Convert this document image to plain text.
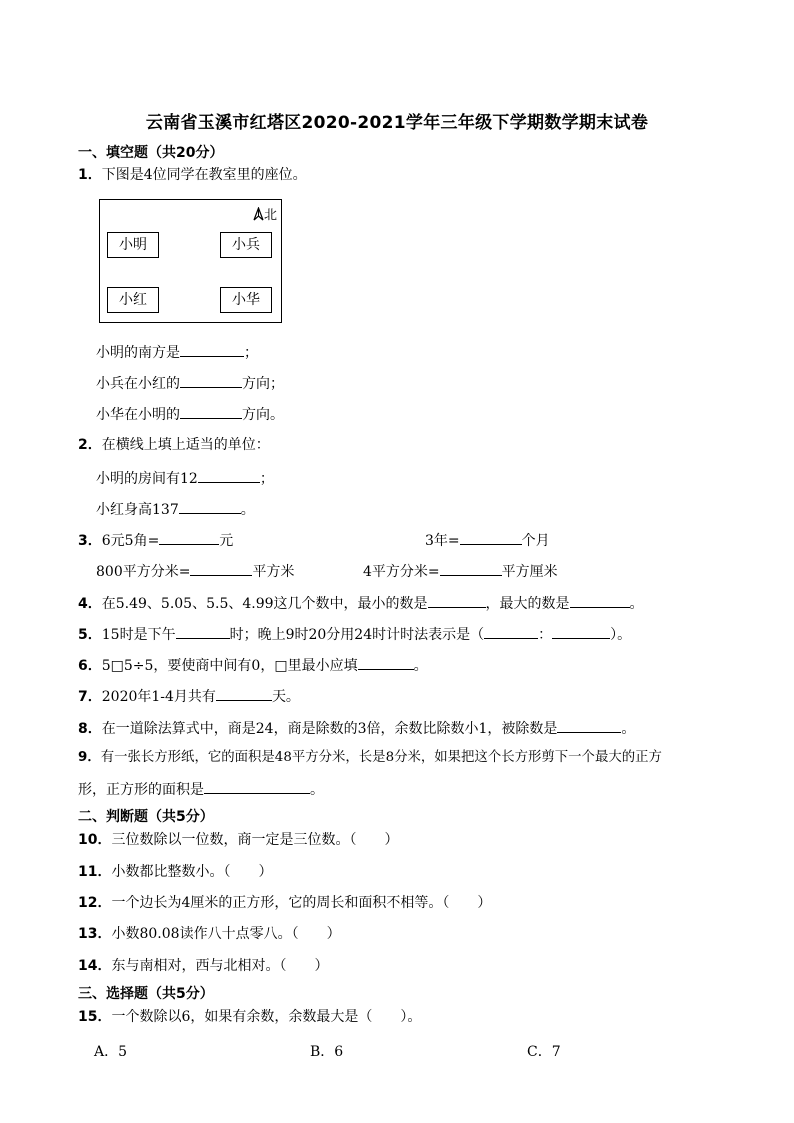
云南省玉溪市红塔区2020-2021学年三年级下学期数学期末试卷
一、填空题（共20分）
1．下图是4位同学在教室里的座位。
北
小明	小兵
小红	小华
小明的南方是	；
小兵在小红的	方向；
小华在小明的	方向。
2．在横线上填上适当的单位：
小明的房间有12	；
小红身高137	。
3．6元5角=	元	3年=	个月
800平方分米=	平方米	4平方分米=	平方厘米
4．在5.49、5.05、5.5、4.99这几个数中，最小的数是	，最大的数是	。
5．15时是下午	时；晚上9时20分用24时计时法表示是（	：	）。
6．5□5÷5，要使商中间有0，□里最小应填	。
7．2020年1-4月共有	天。
8．在一道除法算式中，商是24，商是除数的3倍，余数比除数小1，被除数是	。
9．有一张长方形纸，它的面积是48平方分米，长是8分米，如果把这个长方形剪下一个最大的正方
形，正方形的面积是	。
二、判断题（共5分）
10．三位数除以一位数，商一定是三位数。（　　）
11．小数都比整数小。（　　）
12．一个边长为4厘米的正方形，它的周长和面积不相等。（　　）
13．小数80.08读作八十点零八。（　　）
14．东与南相对，西与北相对。（　　）
三、选择题（共5分）
15．一个数除以6，如果有余数，余数最大是（　　）。
A．5	B．6	C．7
